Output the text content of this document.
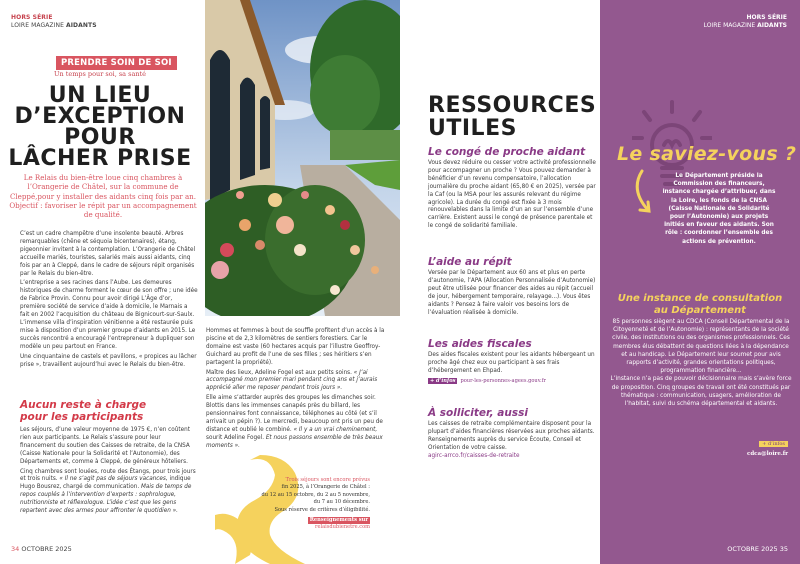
HORS SÉRIE
LOIRE MAGAZINE AIDANTS
PRENDRE SOIN DE SOI
Un temps pour soi, sa santé
UN LIEU
D’EXCEPTION
POUR
LÂCHER PRISE
Le Relais du bien-être loue cinq chambres à l’Orangerie de Châtel, sur la commune de Cleppé,pour y installer des aidants cinq fois par an. Objectif : favoriser le répit par un accompagnement de qualité.

C’est un cadre champêtre d’une insolente beauté. Arbres remarquables (chêne et séquoia bicentenaires), étang, pigeonnier invitent à la contemplation. L’Orangerie de Châtel accueille mariés, touristes, salariés mais aussi aidants, cinq fois par an à Cleppé, dans le cadre de séjours répit organisés par le Relais du bien-être.

L’entreprise a ses racines dans l’Aube. Les demeures historiques de charme forment le cœur de son offre ; une idée de Fabrice Provin. Connu pour avoir dirigé L’Âge d’or, première société de service d’aide à domicile, le Marnais a fait en 2002 l’acquisition du château de Bignicourt-sur-Saulx. L’immense villa d’inspiration vénitienne a été restaurée puis mise à disposition d’un premier groupe d’aidants en 2015. Le succès rencontré a encouragé l’entrepreneur à dupliquer son modèle un peu partout en France.

Une cinquantaine de castels et pavillons, « propices au lâcher prise », travaillent aujourd’hui avec le Relais du bien-être.

Aucun reste à charge pour les participants

Les séjours, d’une valeur moyenne de 1975 €, n’en coûtent rien aux participants. Le Relais s’assure pour leur financement du soutien des Caisses de retraite, de la CNSA (Caisse Nationale pour la Solidarité et l’Autonomie), des Départements et, comme à Cleppé, de généreux hôteliers.

Cinq chambres sont louées, route des Étangs, pour trois jours et trois nuits. « Il ne s’agit pas de séjours vacances, indique Hugo Bousrez, chargé de communication. Mais de temps de repos couplés à l’intervention d’experts : sophrologue, nutritionniste et réflexologue. L’idée c’est que les gens repartent avec des armes pour affronter le quotidien ».

34 OCTOBRE 2025

Hommes et femmes à bout de souffle profitent d’un accès à la piscine et de 2,3 kilomètres de sentiers forestiers. Car le domaine est vaste (60 hectares acquis par l’illustre Geoffroy-Guichard au profit de l’une de ses filles ; ses héritiers s’en partagent la propriété).

Maître des lieux, Adeline Fogel est aux petits soins. « J’ai accompagné mon premier mari pendant cinq ans et j’aurais apprécié aller me reposer pendant trois jours ».

Elle aime s’attarder auprès des groupes les dimanches soir. Blottis dans les immenses canapés près du billard, les pensionnaires font connaissance, téléphones au côté (et s’il arrivait un pépin ?). Le mercredi, beaucoup ont pris un peu de distance et oublié le combiné. « Il y a un vrai cheminement, sourit Adeline Fogel. Et nous passons ensemble de très beaux moments ».

Trois séjours sont encore prévus
fin 2025, à l’Orangerie de Châtel :
du 12 au 15 octobre, du 2 au 5 novembre,
du 7 au 10 décembre.
Sous réserve de critères d’éligibilité.
Renseignements sur
relaisdubienetre.com
RESSOURCES
UTILES
Le congé de proche aidant
Vous devez réduire ou cesser votre activité professionnelle pour accompagner un proche ? Vous pouvez demander à bénéficier d’un revenu compensatoire, l’allocation journalière du proche aidant (65,80 € en 2025), versée par la Caf (ou la MSA pour les assurés relevant du régime agricole). La durée du congé est fixée à 3 mois renouvelables dans la limite d’un an sur l’ensemble d’une carrière. Existent aussi le congé de présence parentale et le congé de solidarité familiale.
L’aide au répit
Versée par le Département aux 60 ans et plus en perte d’autonomie, l’APA (Allocation Personnalisée d’Autonomie) peut être utilisée pour financer des aides au répit (accueil de jour, hébergement temporaire, relayage...). Vous êtes aidants ? Pensez à faire valoir vos besoins lors de l’évaluation réalisée à domicile.
Les aides fiscales
Des aides fiscales existent pour les aidants hébergeant un proche âgé chez eux ou participant à ses frais d’hébergement en Ehpad.
+ d’infos pour-les-personnes-agees.gouv.fr
À solliciter, aussi
Les caisses de retraite complémentaire disposent pour la plupart d’aides financières réservées aux proches aidants. Renseignements auprès du service Écoute, Conseil et Orientation de votre caisse.
agirc-arrco.fr/caisses-de-retraite
HORS SÉRIE
LOIRE MAGAZINE AIDANTS
Le saviez-vous ?
Le Département préside la Commission des financeurs, instance chargée d’attribuer, dans la Loire, les fonds de la CNSA (Caisse Nationale de Solidarité pour l’Autonomie) aux projets initiés en faveur des aidants. Son rôle : coordonner l’ensemble des actions de prévention.
Une instance de consultation au Département
85 personnes siègent au CDCA (Conseil Départemental de la Citoyenneté et de l’Autonomie) : représentants de la société civile, des institutions ou des organismes professionnels. Ces membres élus débattent de questions liées à la dépendance et au handicap. Le Département leur soumet pour avis rapports d’activité, grandes orientations politiques, programmation financière...
L’instance n’a pas de pouvoir décisionnaire mais s’avère force de proposition. Cinq groupes de travail ont été constitués par thématique : communication, usagers, amélioration de l’habitat, suivi du schéma départemental et aidants.
+ d’infos
cdca@loire.fr
OCTOBRE 2025 35
